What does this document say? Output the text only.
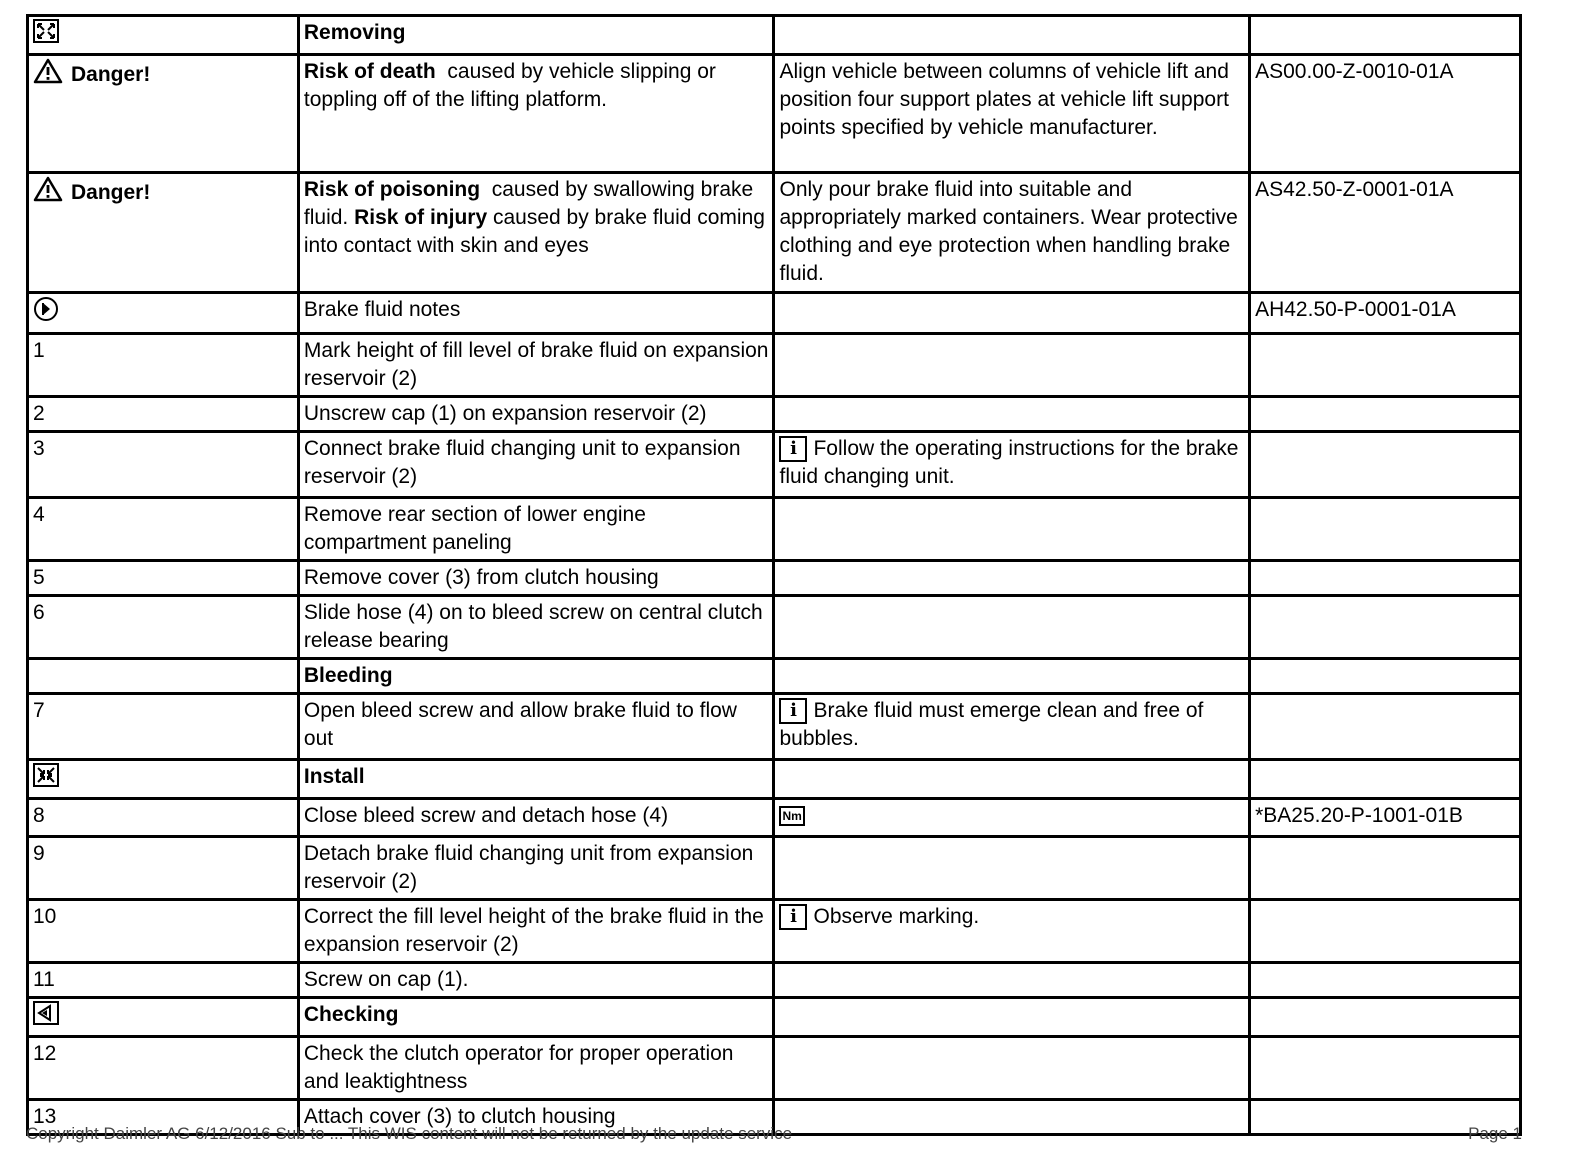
	Removing		

Danger!	Risk of death  caused by vehicle slipping or toppling off of the lifting platform.	Align vehicle between columns of vehicle lift and position four support plates at vehicle lift support points specified by vehicle manufacturer.	AS00.00-Z-0010-01A

Danger!	Risk of poisoning  caused by swallowing brake fluid. Risk of injury caused by brake fluid coming into contact with skin and eyes	Only pour brake fluid into suitable and appropriately marked containers. Wear protective clothing and eye protection when handling brake fluid.	AS42.50-Z-0001-01A
	Brake fluid notes		AH42.50-P-0001-01A
1	Mark height of fill level of brake fluid on expansion reservoir (2)		
2	Unscrew cap (1) on expansion reservoir (2)		
3	Connect brake fluid changing unit to expansion reservoir (2)	i Follow the operating instructions for the brake fluid changing unit.	
4	Remove rear section of lower engine compartment paneling		
5	Remove cover (3) from clutch housing		
6	Slide hose (4) on to bleed screw on central clutch release bearing		
	Bleeding		
7	Open bleed screw and allow brake fluid to flow out	i Brake fluid must emerge clean and free of bubbles.	
	Install		
8	Close bleed screw and detach hose (4)	Nm	*BA25.20-P-1001-01B
9	Detach brake fluid changing unit from expansion reservoir (2)		
10	Correct the fill level height of the brake fluid in the expansion reservoir (2)	i Observe marking.	
11	Screw on cap (1).		
	Checking		
12	Check the clutch operator for proper operation and leaktightness		
13	Attach cover (3) to clutch housing		
Copyright Daimler AG 6/12/2016 Sub to ... This WIS content will not be returned by the update service	Page 1
